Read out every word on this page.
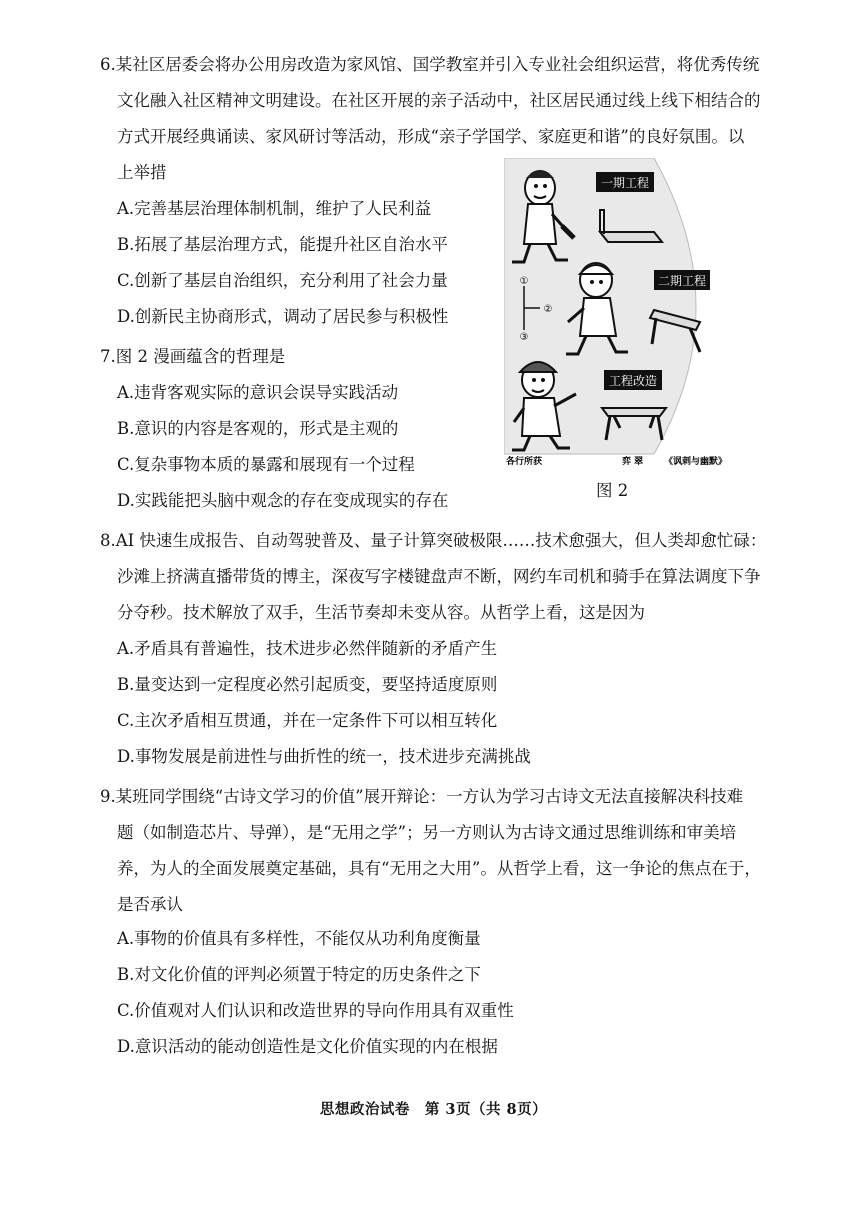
6.某社区居委会将办公用房改造为家风馆、国学教室并引入专业社会组织运营，将优秀传统
文化融入社区精神文明建设。在社区开展的亲子活动中，社区居民通过线上线下相结合的
方式开展经典诵读、家风研讨等活动，形成“亲子学国学、家庭更和谐”的良好氛围。以
上举措
A.完善基层治理体制机制，维护了人民利益
B.拓展了基层治理方式，能提升社区自治水平
C.创新了基层自治组织，充分利用了社会力量
D.创新民主协商形式，调动了居民参与积极性
7.图 2 漫画蕴含的哲理是
A.违背客观实际的意识会误导实践活动
B.意识的内容是客观的，形式是主观的
C.复杂事物本质的暴露和展现有一个过程
D.实践能把头脑中观念的存在变成现实的存在
一期工程
①
②
③
二期工程
工程改造
各行所获	弈 翠 《讽刺与幽默》
图 2
8.AI 快速生成报告、自动驾驶普及、量子计算突破极限……技术愈强大，但人类却愈忙碌：
沙滩上挤满直播带货的博主，深夜写字楼键盘声不断，网约车司机和骑手在算法调度下争
分夺秒。技术解放了双手，生活节奏却未变从容。从哲学上看，这是因为
A.矛盾具有普遍性，技术进步必然伴随新的矛盾产生
B.量变达到一定程度必然引起质变，要坚持适度原则
C.主次矛盾相互贯通，并在一定条件下可以相互转化
D.事物发展是前进性与曲折性的统一，技术进步充满挑战
9.某班同学围绕“古诗文学习的价值”展开辩论：一方认为学习古诗文无法直接解决科技难
题（如制造芯片、导弹），是“无用之学”；另一方则认为古诗文通过思维训练和审美培
养，为人的全面发展奠定基础，具有“无用之大用”。从哲学上看，这一争论的焦点在于，
是否承认
A.事物的价值具有多样性，不能仅从功利角度衡量
B.对文化价值的评判必须置于特定的历史条件之下
C.价值观对人们认识和改造世界的导向作用具有双重性
D.意识活动的能动创造性是文化价值实现的内在根据
思想政治试卷　第 3页（共 8页）
